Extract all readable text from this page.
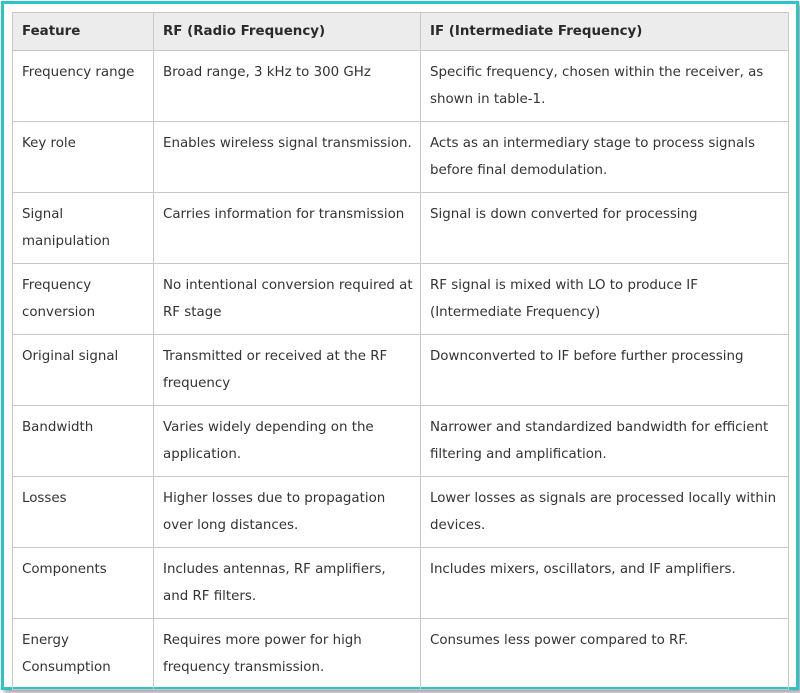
Feature	RF (Radio Frequency)	IF (Intermediate Frequency)
Frequency range	Broad range, 3 kHz to 300 GHz	Specific frequency, chosen within the receiver, as shown in table-1.
Key role	Enables wireless signal transmission.	Acts as an intermediary stage to process signals before final demodulation.
Signal manipulation	Carries information for transmission	Signal is down converted for processing
Frequency conversion	No intentional conversion required at RF stage	RF signal is mixed with LO to produce IF (Intermediate Frequency)
Original signal	Transmitted or received at the RF frequency	Downconverted to IF before further processing
Bandwidth	Varies widely depending on the application.	Narrower and standardized bandwidth for efficient filtering and amplification.
Losses	Higher losses due to propagation over long distances.	Lower losses as signals are processed locally within devices.
Components	Includes antennas, RF amplifiers, and RF filters.	Includes mixers, oscillators, and IF amplifiers.
Energy Consumption	Requires more power for high frequency transmission.	Consumes less power compared to RF.
